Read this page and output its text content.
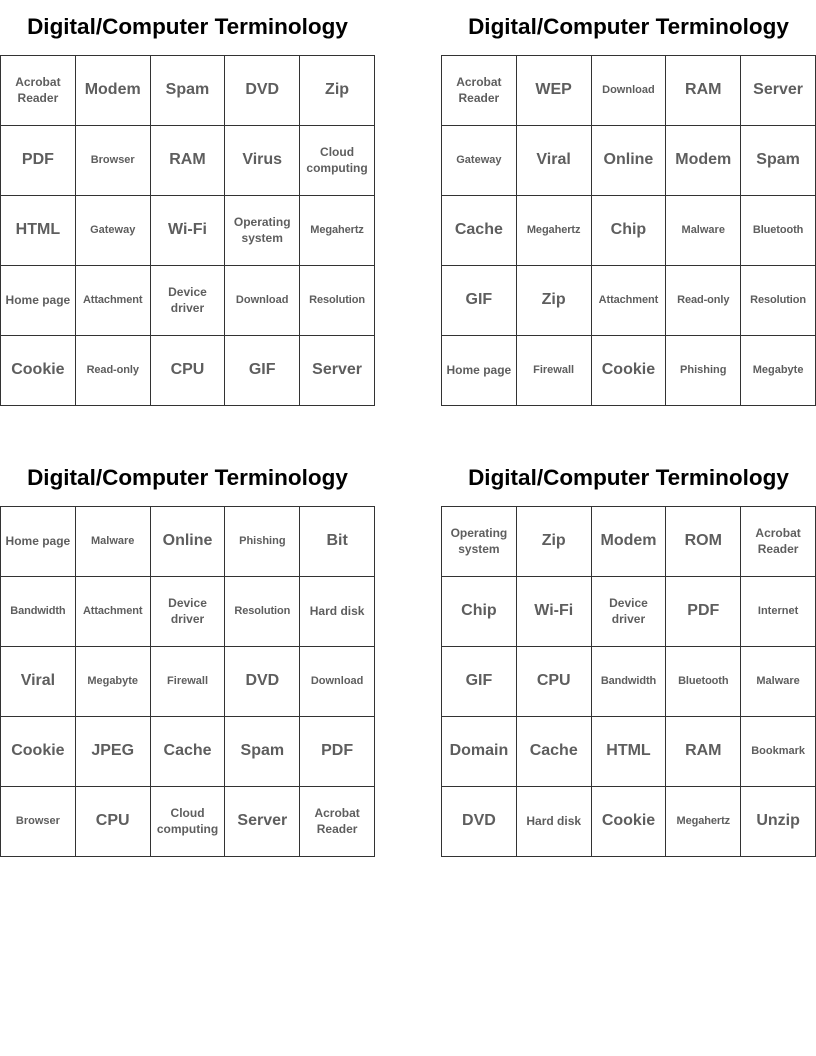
Digital/Computer Terminology
Acrobat Reader	Modem	Spam	DVD	Zip
PDF	Browser	RAM	Virus	Cloud computing
HTML	Gateway	Wi-Fi	Operating system	Megahertz
Home page	Attachment	Device driver	Download	Resolution
Cookie	Read-only	CPU	GIF	Server
Digital/Computer Terminology
Acrobat Reader	WEP	Download	RAM	Server
Gateway	Viral	Online	Modem	Spam
Cache	Megahertz	Chip	Malware	Bluetooth
GIF	Zip	Attachment	Read-only	Resolution
Home page	Firewall	Cookie	Phishing	Megabyte
Digital/Computer Terminology
Home page	Malware	Online	Phishing	Bit
Bandwidth	Attachment	Device driver	Resolution	Hard disk
Viral	Megabyte	Firewall	DVD	Download
Cookie	JPEG	Cache	Spam	PDF
Browser	CPU	Cloud computing	Server	Acrobat Reader
Digital/Computer Terminology
Operating system	Zip	Modem	ROM	Acrobat Reader
Chip	Wi-Fi	Device driver	PDF	Internet
GIF	CPU	Bandwidth	Bluetooth	Malware
Domain	Cache	HTML	RAM	Bookmark
DVD	Hard disk	Cookie	Megahertz	Unzip
